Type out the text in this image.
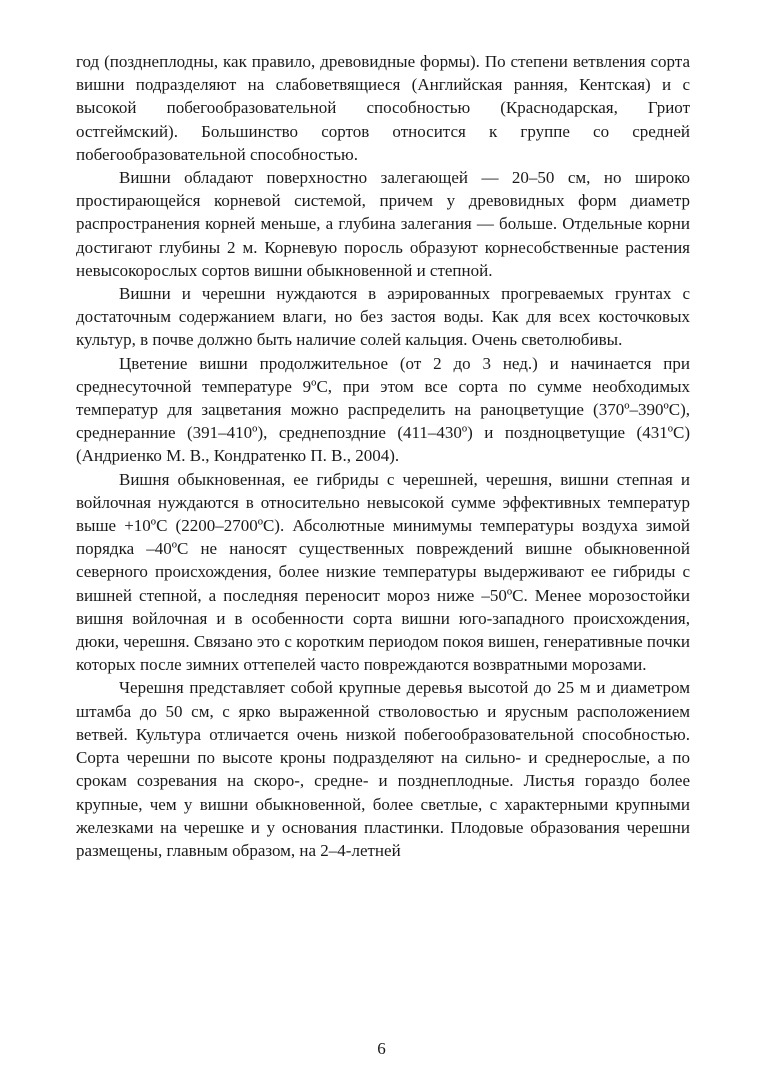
год (позднеплодны, как правило, древовидные формы). По степени ветвления сорта вишни подразделяют на слабоветвящиеся (Английская ранняя, Кентская) и с высокой побегообразовательной способностью (Краснодарская, Гриот остгеймский). Большинство сортов относится к группе со средней побегообразовательной способностью.

Вишни обладают поверхностно залегающей — 20–50 см, но широко простирающейся корневой системой, причем у древовидных форм диаметр распространения корней меньше, а глубина залегания — больше. Отдельные корни достигают глубины 2 м. Корневую поросль образуют корнесобственные растения невысокорослых сортов вишни обыкновенной и степной.

Вишни и черешни нуждаются в аэрированных прогреваемых грунтах с достаточным содержанием влаги, но без застоя воды. Как для всех косточковых культур, в почве должно быть наличие солей кальция. Очень светолюбивы.

Цветение вишни продолжительное (от 2 до 3 нед.) и начинается при среднесуточной температуре 9ºС, при этом все сорта по сумме необходимых температур для зацветания можно распределить на раноцветущие (370º–390ºС), среднеранние (391–410º), среднепоздние (411–430º) и поздноцветущие (431ºС) (Андриенко М. В., Кондратенко П. В., 2004).

Вишня обыкновенная, ее гибриды с черешней, черешня, вишни степная и войлочная нуждаются в относительно невысокой сумме эффективных температур выше +10ºС (2200–2700ºС). Абсолютные минимумы температуры воздуха зимой порядка –40ºС не наносят существенных повреждений вишне обыкновенной северного происхождения, более низкие температуры выдерживают ее гибриды с вишней степной, а последняя переносит мороз ниже –50ºС. Менее морозостойки вишня войлочная и в особенности сорта вишни юго-западного происхождения, дюки, черешня. Связано это с коротким периодом покоя вишен, генеративные почки которых после зимних оттепелей часто повреждаются возвратными морозами.

Черешня представляет собой крупные деревья высотой до 25 м и диаметром штамба до 50 см, с ярко выраженной стволовостью и ярусным расположением ветвей. Культура отличается очень низкой побегообразовательной способностью. Сорта черешни по высоте кроны подразделяют на сильно- и среднерослые, а по срокам созревания на скоро-, средне- и позднеплодные. Листья гораздо более крупные, чем у вишни обыкновенной, более светлые, с характерными крупными железками на черешке и у основания пластинки. Плодовые образования черешни размещены, главным образом, на 2–4-летней

6
